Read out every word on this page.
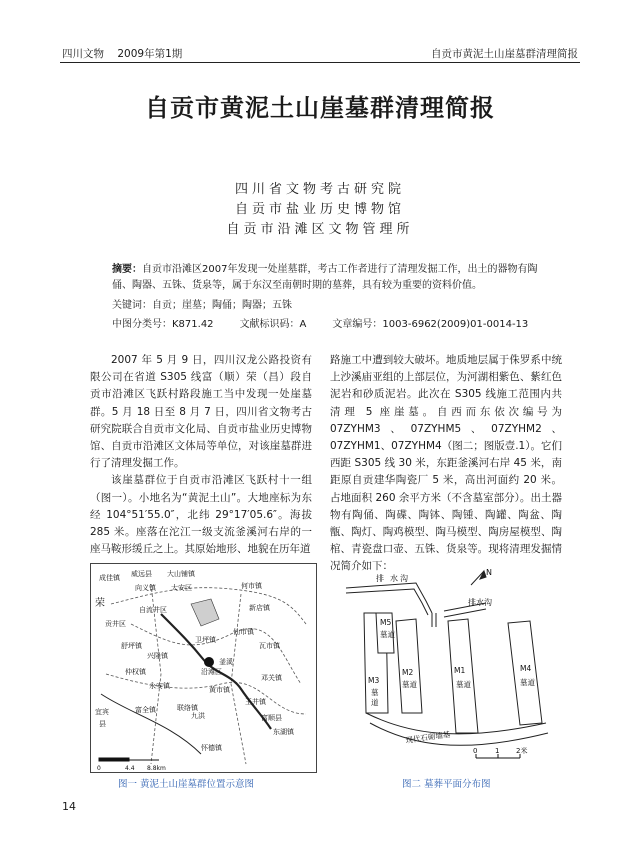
四川文物 2009年第1期	自贡市黄泥土山崖墓群清理简报
自贡市黄泥土山崖墓群清理简报
四川省文物考古研究院
自贡市盐业历史博物馆
自贡市沿滩区文物管理所
摘要：自贡市沿滩区2007年发现一处崖墓群，考古工作者进行了清理发掘工作，出土的器物有陶俑、陶器、五铢、货泉等，属于东汉至南朝时期的墓葬，具有较为重要的资料价值。
关键词：自贡；崖墓；陶俑；陶器；五铢
中图分类号：K871.42	文献标识码：A	文章编号：1003-6962(2009)01-0014-13

2007 年 5 月 9 日，四川汉龙公路投资有限公司在省道 S305 线富（顺）荣（昌）段自贡市沿滩区飞跃村路段施工当中发现一处崖墓群。5 月 18 日至 8 月 7 日，四川省文物考古研究院联合自贡市文化局、自贡市盐业历史博物馆、自贡市沿滩区文体局等单位，对该崖墓群进行了清理发掘工作。

该崖墓群位于自贡市沿滩区飞跃村十一组（图一）。小地名为“黄泥土山”。大地座标为东经 104°51′55.0″，北纬 29°17′05.6″。海拔 285 米。座落在沱江一级支流釜溪河右岸的一座马鞍形缓丘之上。其原始地形、地貌在历年道

路施工中遭到较大破坏。地质地层属于侏罗系中统上沙溪庙亚组的上部层位，为河湖相紫色、紫红色泥岩和砂质泥岩。此次在 S305 线施工范围内共清理 5 座崖墓。自西而东依次编号为 07ZYHM3、07ZYHM5、07ZYHM2、07ZYHM1、07ZYHM4（图二；图版壹.1）。它们西距 S305 线 30 米，东距釜溪河右岸 45 米，南距原自贡建华陶瓷厂 5 米，高出河面约 20 米。占地面积 260 余平方米（不含墓室部分）。出土器物有陶俑、陶碟、陶钵、陶锺、陶罐、陶盆、陶甑、陶灯、陶鸡模型、陶马模型、陶房屋模型、陶棺、青瓷盘口壶、五铢、货泉等。现将清理发掘情况简介如下：

成佳镇 威远县 大山铺镇
向义镇 大安区	何市镇
荣
自流井区
贡井区
新店镇
卫坪镇
仙市镇
瓦市镇
舒坪镇
兴隆镇
釜溪
沿滩区
邓关镇
黄市镇
仲权镇
永安镇
富全镇	联络镇
九洪
王井镇
富顺县
宜宾
县
东湖镇
怀德镇
0	4.4 8.8km
排 水 沟
排水沟
N
M3
墓
道
M5
墓道
M2
墓道
M1
墓道
M4
墓道
现代石砌墙基
0	1 2米
图一 黄泥土山崖墓群位置示意图	图二 墓葬平面分布图
14
